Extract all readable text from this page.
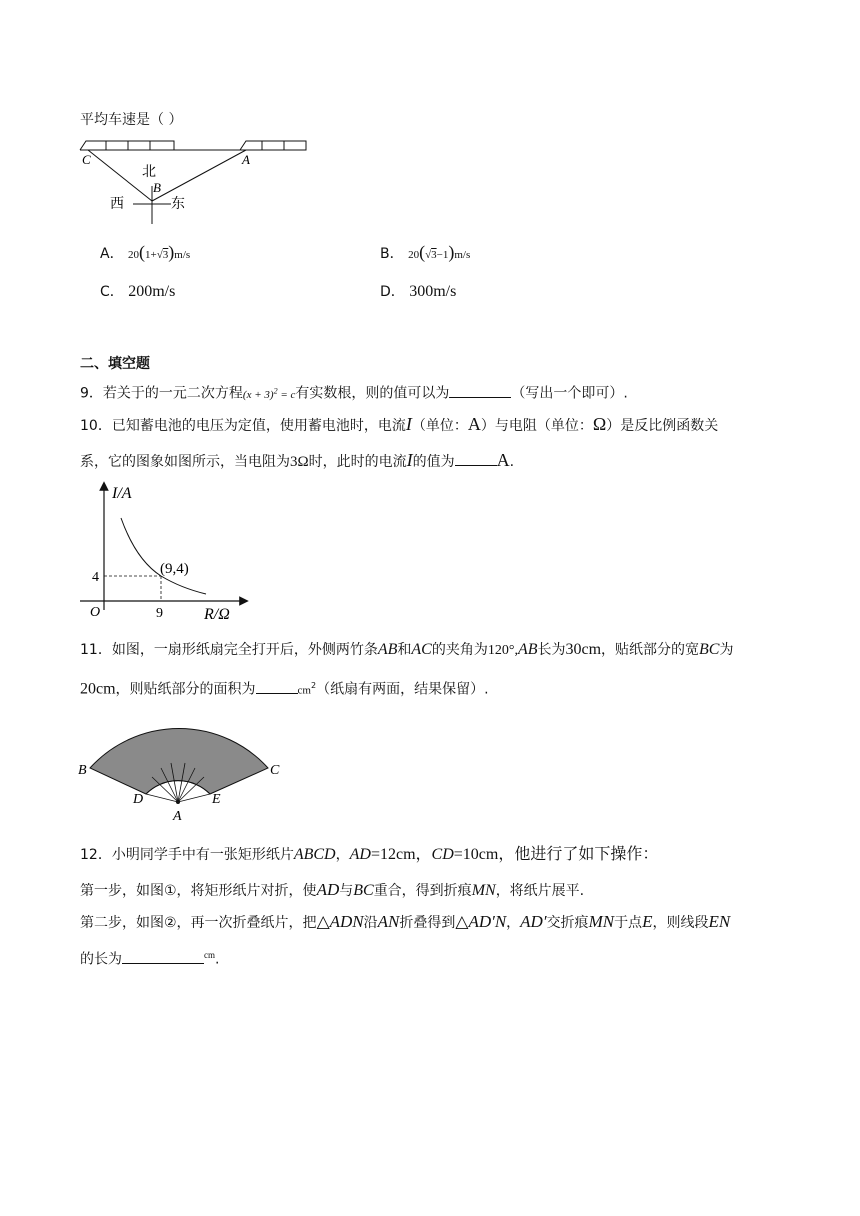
平均车速是（ ）
C	A
北
B
西	东
A． 20(1+√3)m/s	B． 20(√3−1)m/s
C． 200m/s	D． 300m/s
二、填空题
9．若关于的一元二次方程$(x + 3)^2 = c$有实数根，则的值可以为	（写出一个即可）.
10．已知蓄电池的电压为定值，使用蓄电池时，电流I（单位：A）与电阻（单位：Ω）是反比例函数关
系，它的图象如图所示，当电阻为3Ω时，此时的电流I的值为 A.
I/A
(9,4)
4
O	9	R/Ω
11．如图，一扇形纸扇完全打开后，外侧两竹条AB和AC的夹角为120°,AB长为30cm，贴纸部分的宽BC为
20cm，则贴纸部分的面积为	$cm^2$（纸扇有两面，结果保留）.
B	C
D	E
A
12．小明同学手中有一张矩形纸片ABCD，AD=12cm，CD=10cm，他进行了如下操作：
第一步，如图①，将矩形纸片对折，使AD与BC重合，得到折痕MN，将纸片展平.
第二步，如图②，再一次折叠纸片，把△ADN沿AN折叠得到△AD′N，AD′交折痕MN于点E，则线段EN
的长为	$^{cm}$.
